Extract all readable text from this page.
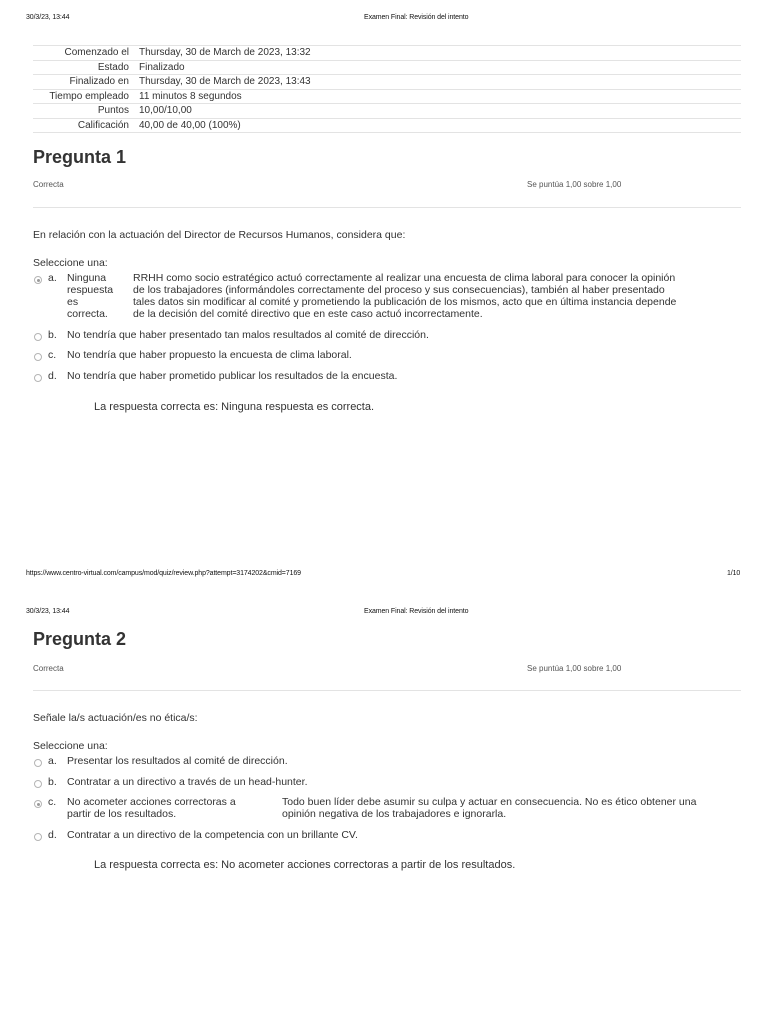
30/3/23, 13:44	Examen Final: Revisión del intento
Comenzado el	Thursday, 30 de March de 2023, 13:32
Estado	Finalizado
Finalizado en	Thursday, 30 de March de 2023, 13:43
Tiempo empleado	11 minutos 8 segundos
Puntos	10,00/10,00
Calificación	40,00 de 40,00 (100%)
Pregunta 1
Correcta	Se puntúa 1,00 sobre 1,00
En relación con la actuación del Director de Recursos Humanos, considera que:
Seleccione una:
a. Ninguna
respuesta
es
correcta.
RRHH como socio estratégico actuó correctamente al realizar una encuesta de clima laboral para conocer la opinión
de los trabajadores (informándoles correctamente del proceso y sus consecuencias), también al haber presentado
tales datos sin modificar al comité y prometiendo la publicación de los mismos, acto que en última instancia depende
de la decisión del comité directivo que en este caso actuó incorrectamente.
b. No tendría que haber presentado tan malos resultados al comité de dirección.
c. No tendría que haber propuesto la encuesta de clima laboral.
d. No tendría que haber prometido publicar los resultados de la encuesta.
La respuesta correcta es: Ninguna respuesta es correcta.
https://www.centro-virtual.com/campus/mod/quiz/review.php?attempt=3174202&cmid=7169	1/10
30/3/23, 13:44	Examen Final: Revisión del intento
Pregunta 2
Correcta	Se puntúa 1,00 sobre 1,00
Señale la/s actuación/es no ética/s:
Seleccione una:
a. Presentar los resultados al comité de dirección.
b. Contratar a un directivo a través de un head-hunter.
c. No acometer acciones correctoras a
partir de los resultados.
Todo buen líder debe asumir su culpa y actuar en consecuencia. No es ético obtener una
opinión negativa de los trabajadores e ignorarla.
d. Contratar a un directivo de la competencia con un brillante CV.
La respuesta correcta es: No acometer acciones correctoras a partir de los resultados.
